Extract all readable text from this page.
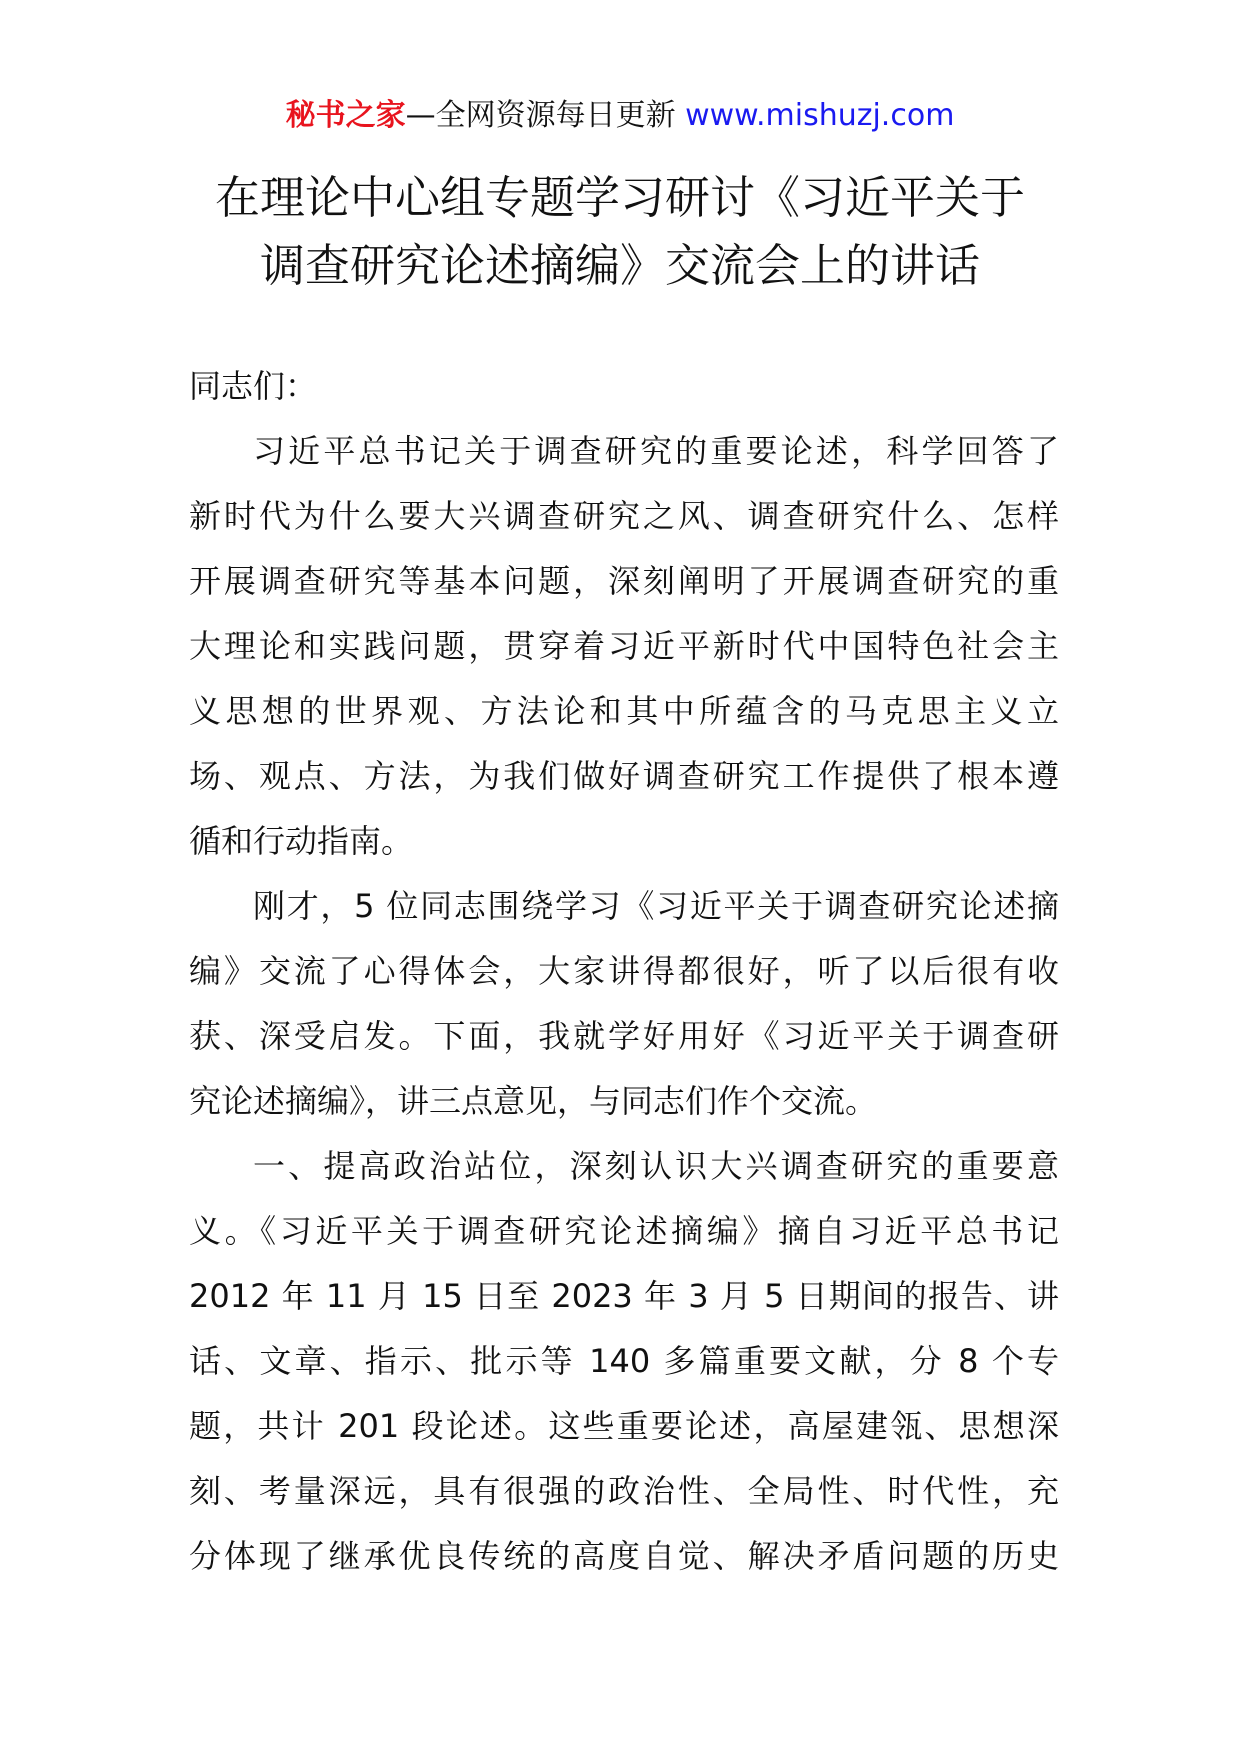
秘书之家—全网资源每日更新 www.mishuzj.com
在理论中心组专题学习研讨《习近平关于
调查研究论述摘编》交流会上的讲话
同志们：
习近平总书记关于调查研究的重要论述，科学回答了
新时代为什么要大兴调查研究之风、调查研究什么、怎样
开展调查研究等基本问题，深刻阐明了开展调查研究的重
大理论和实践问题，贯穿着习近平新时代中国特色社会主
义思想的世界观、方法论和其中所蕴含的马克思主义立
场、观点、方法，为我们做好调查研究工作提供了根本遵
循和行动指南。
刚才，5 位同志围绕学习《习近平关于调查研究论述摘
编》交流了心得体会，大家讲得都很好，听了以后很有收
获、深受启发。下面，我就学好用好《习近平关于调查研
究论述摘编》，讲三点意见，与同志们作个交流。
一、提高政治站位，深刻认识大兴调查研究的重要意
义。《习近平关于调查研究论述摘编》摘自习近平总书记
2012 年 11 月 15 日至 2023 年 3 月 5 日期间的报告、讲
话、文章、指示、批示等 140 多篇重要文献，分 8 个专
题，共计 201 段论述。这些重要论述，高屋建瓴、思想深
刻、考量深远，具有很强的政治性、全局性、时代性，充
分体现了继承优良传统的高度自觉、解决矛盾问题的历史
